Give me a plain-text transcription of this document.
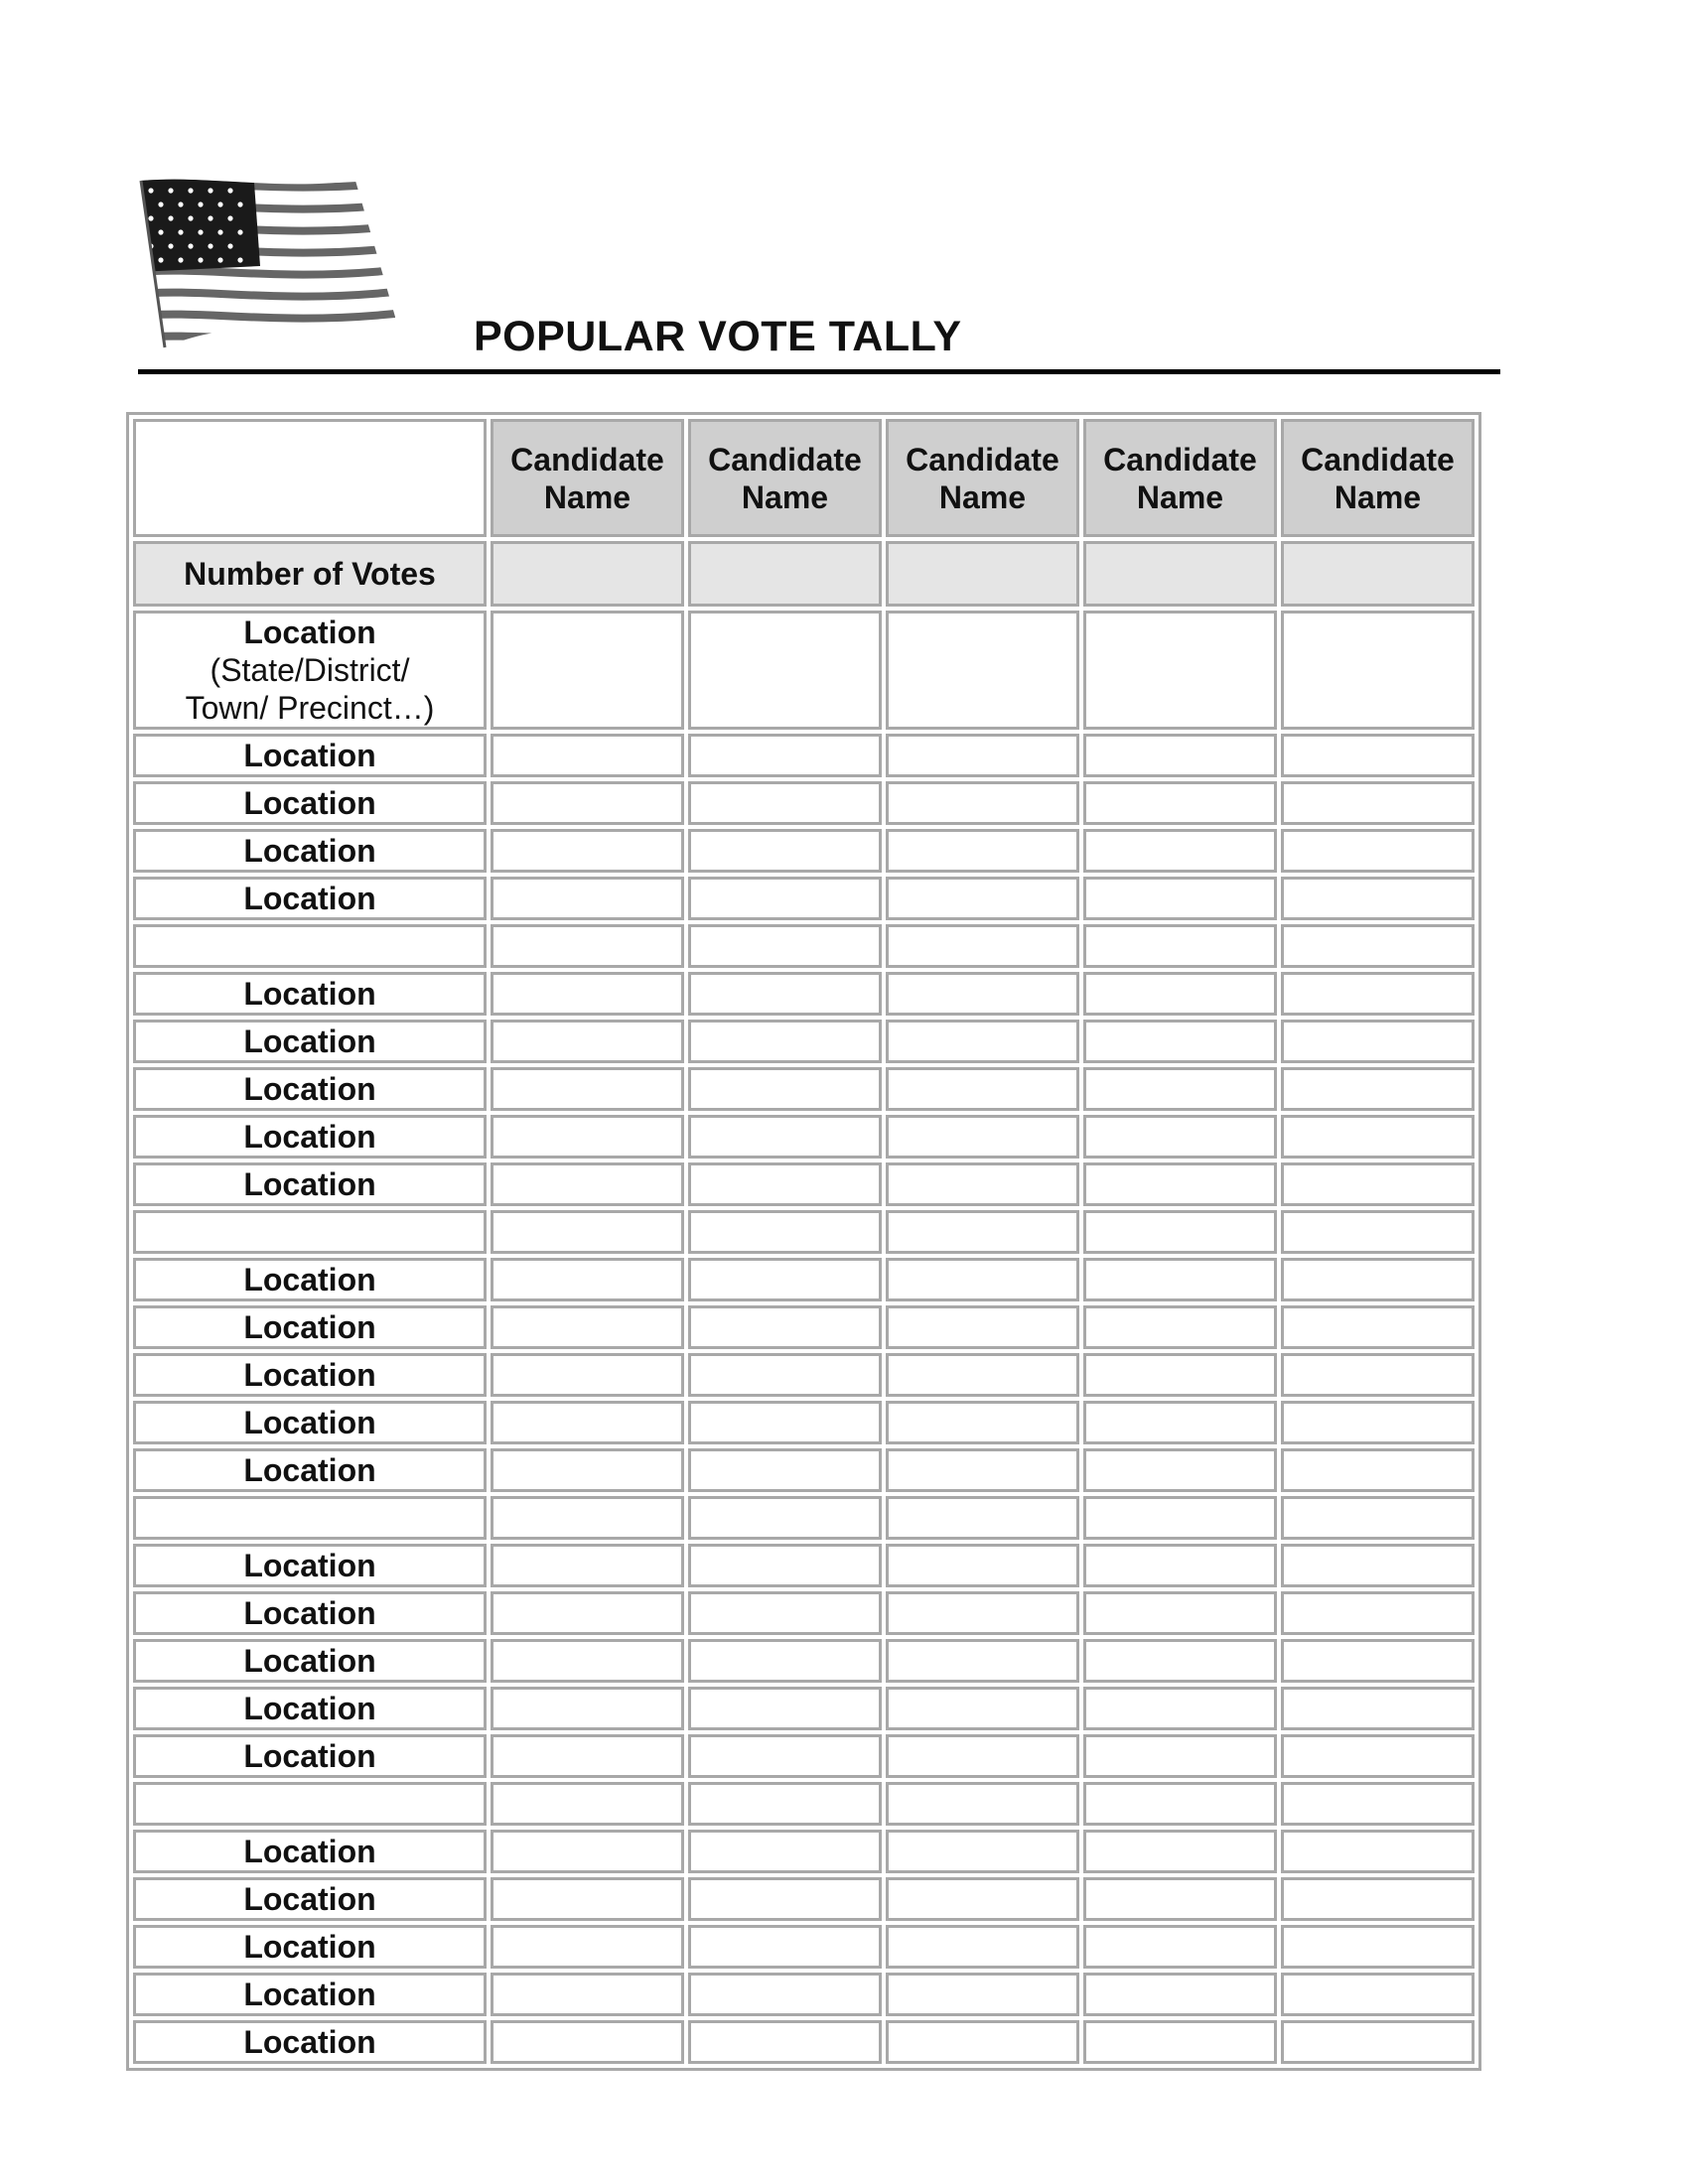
POPULAR VOTE TALLY
	Candidate Name	Candidate Name	Candidate Name	Candidate Name	Candidate Name
Number of Votes					

Location
(State/District/
Town/ Precinct…)					

Location					
Location					
Location					
Location					

Location					
Location					
Location					
Location					
Location					

Location					
Location					
Location					
Location					
Location					

Location					
Location					
Location					
Location					
Location					

Location					
Location					
Location					
Location					
Location					
